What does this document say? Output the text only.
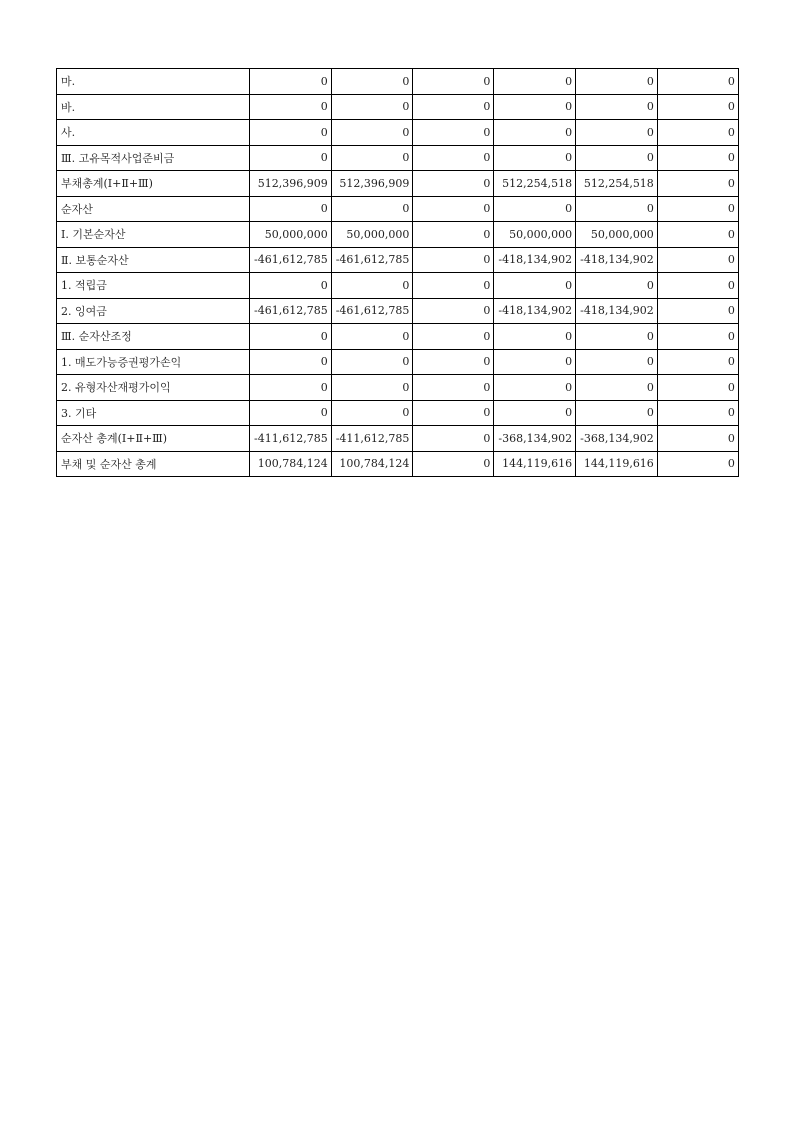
마.	0	0	0	0	0	0
바.	0	0	0	0	0	0
사.	0	0	0	0	0	0
Ⅲ. 고유목적사업준비금	0	0	0	0	0	0
부채총계(Ⅰ+Ⅱ+Ⅲ)	512,396,909	512,396,909	0	512,254,518	512,254,518	0
순자산	0	0	0	0	0	0
Ⅰ. 기본순자산	50,000,000	50,000,000	0	50,000,000	50,000,000	0
Ⅱ. 보통순자산	-461,612,785	-461,612,785	0	-418,134,902	-418,134,902	0
1. 적립금	0	0	0	0	0	0
2. 잉여금	-461,612,785	-461,612,785	0	-418,134,902	-418,134,902	0
Ⅲ. 순자산조정	0	0	0	0	0	0
1. 매도가능증권평가손익	0	0	0	0	0	0
2. 유형자산재평가이익	0	0	0	0	0	0
3. 기타	0	0	0	0	0	0
순자산 총계(Ⅰ+Ⅱ+Ⅲ)	-411,612,785	-411,612,785	0	-368,134,902	-368,134,902	0
부채 및 순자산 총계	100,784,124	100,784,124	0	144,119,616	144,119,616	0
